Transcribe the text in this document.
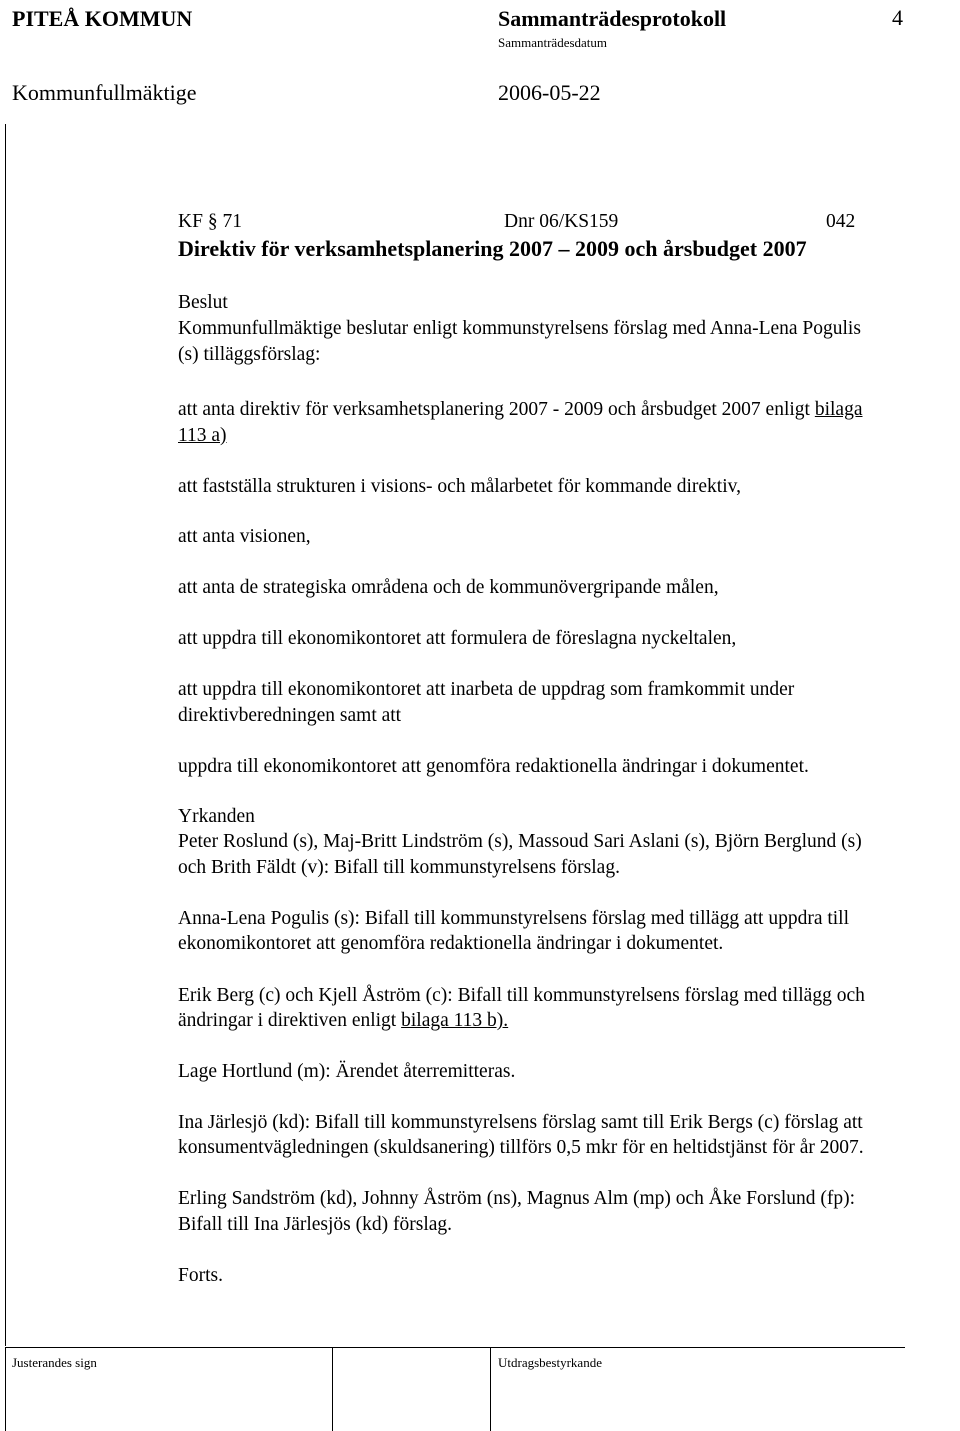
PITEÅ KOMMUN	Sammanträdesprotokoll	4
Sammanträdesdatum
Kommunfullmäktige	2006-05-22
KF § 71	Dnr 06/KS159	042
Direktiv för verksamhetsplanering 2007 – 2009 och årsbudget 2007
Beslut
Kommunfullmäktige beslutar enligt kommunstyrelsens förslag med Anna-Lena Pogulis
(s) tilläggsförslag:
att anta direktiv för verksamhetsplanering 2007 - 2009 och årsbudget 2007 enligt bilaga
113 a)
att fastställa strukturen i visions- och målarbetet för kommande direktiv,
att anta visionen,
att anta de strategiska områdena och de kommunövergripande målen,
att uppdra till ekonomikontoret att formulera de föreslagna nyckeltalen,
att uppdra till ekonomikontoret att inarbeta de uppdrag som framkommit under
direktivberedningen samt att
uppdra till ekonomikontoret att genomföra redaktionella ändringar i dokumentet.
Yrkanden
Peter Roslund (s), Maj-Britt Lindström (s), Massoud Sari Aslani (s), Björn Berglund (s)
och Brith Fäldt (v): Bifall till kommunstyrelsens förslag.
Anna-Lena Pogulis (s): Bifall till kommunstyrelsens förslag med tillägg att uppdra till
ekonomikontoret att genomföra redaktionella ändringar i dokumentet.
Erik Berg (c) och Kjell Åström (c): Bifall till kommunstyrelsens förslag med tillägg och
ändringar i direktiven enligt bilaga 113 b).
Lage Hortlund (m): Ärendet återremitteras.
Ina Järlesjö (kd): Bifall till kommunstyrelsens förslag samt till Erik Bergs (c) förslag att
konsumentvägledningen (skuldsanering) tillförs 0,5 mkr för en heltidstjänst för år 2007.
Erling Sandström (kd), Johnny Åström (ns), Magnus Alm (mp) och Åke Forslund (fp):
Bifall till Ina Järlesjös (kd) förslag.
Forts.
Justerandes sign	Utdragsbestyrkande
